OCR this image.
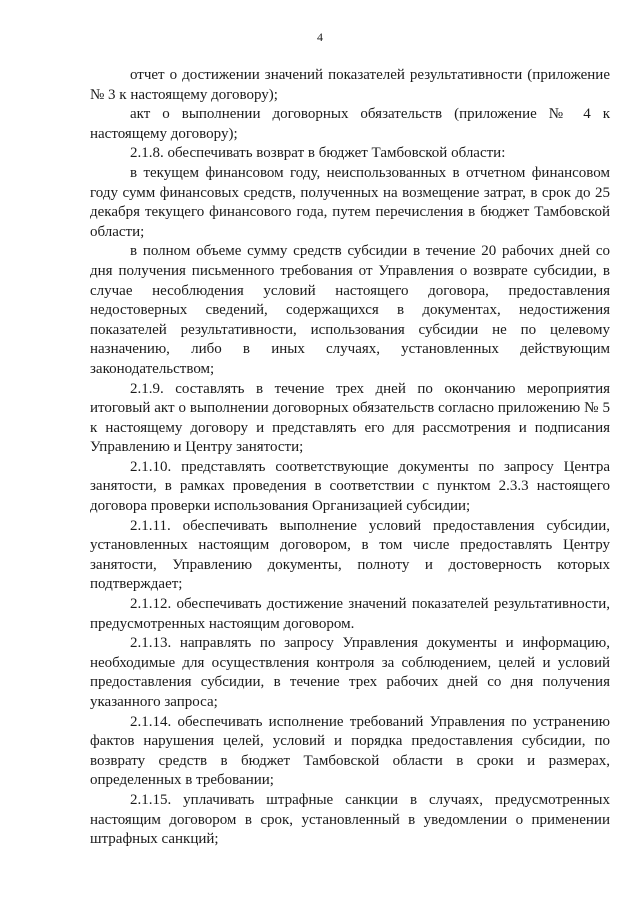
4

отчет о достижении значений показателей результативности (приложение № 3 к настоящему договору);

акт о выполнении договорных обязательств (приложение № 4 к настоящему договору);

2.1.8. обеспечивать возврат в бюджет Тамбовской области:

в текущем финансовом году, неиспользованных в отчетном финансовом году сумм финансовых средств, полученных на возмещение затрат, в срок до 25 декабря текущего финансового года, путем перечисления в бюджет Тамбовской области;

в полном объеме сумму средств субсидии в течение 20 рабочих дней со дня получения письменного требования от Управления о возврате субсидии, в случае несоблюдения условий настоящего договора, предоставления недостоверных сведений, содержащихся в документах, недостижения показателей результативности, использования субсидии не по целевому назначению, либо в иных случаях, установленных действующим законодательством;

2.1.9. составлять в течение трех дней по окончанию мероприятия итоговый акт о выполнении договорных обязательств согласно приложению № 5 к настоящему договору и представлять его для рассмотрения и подписания Управлению и Центру занятости;

2.1.10. представлять соответствующие документы по запросу Центра занятости, в рамках проведения в соответствии с пунктом 2.3.3 настоящего договора проверки использования Организацией субсидии;

2.1.11. обеспечивать выполнение условий предоставления субсидии, установленных настоящим договором, в том числе предоставлять Центру занятости, Управлению документы, полноту и достоверность которых подтверждает;

2.1.12. обеспечивать достижение значений показателей результативности, предусмотренных настоящим договором.

2.1.13. направлять по запросу Управления документы и информацию, необходимые для осуществления контроля за соблюдением, целей и условий предоставления субсидии, в течение трех рабочих дней со дня получения указанного запроса;

2.1.14. обеспечивать исполнение требований Управления по устранению фактов нарушения целей, условий и порядка предоставления субсидии, по возврату средств в бюджет Тамбовской области в сроки и размерах, определенных в требовании;

2.1.15. уплачивать штрафные санкции в случаях, предусмотренных настоящим договором в срок, установленный в уведомлении о применении штрафных санкций;
